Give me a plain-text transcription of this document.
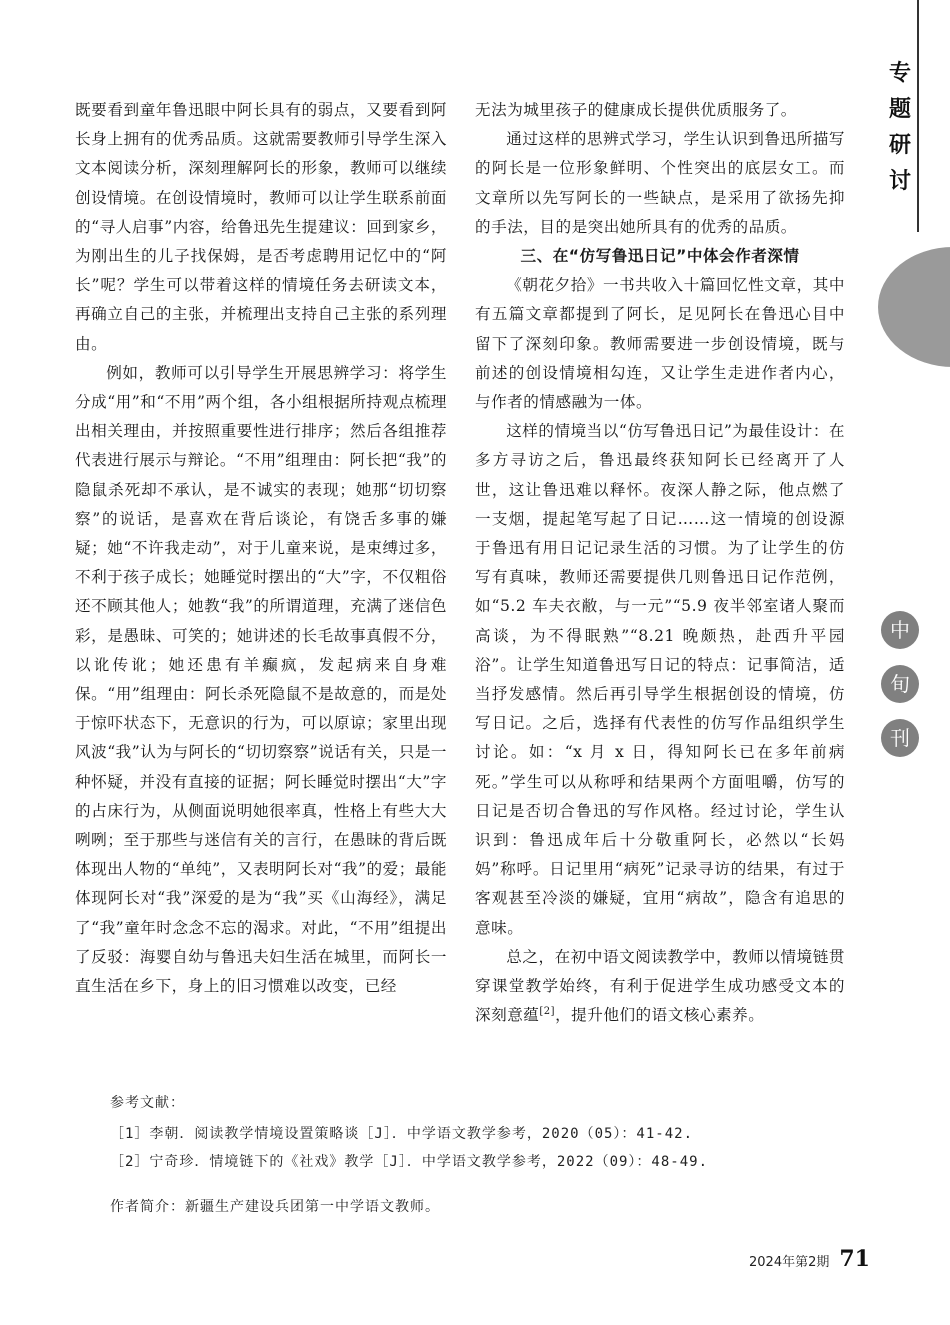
专
题
研
讨
中
旬
刊

既要看到童年鲁迅眼中阿长具有的弱点，又要看到阿长身上拥有的优秀品质。这就需要教师引导学生深入文本阅读分析，深刻理解阿长的形象，教师可以继续创设情境。在创设情境时，教师可以让学生联系前面的“寻人启事”内容，给鲁迅先生提建议：回到家乡，为刚出生的儿子找保姆，是否考虑聘用记忆中的“阿长”呢？学生可以带着这样的情境任务去研读文本，再确立自己的主张，并梳理出支持自己主张的系列理由。

例如，教师可以引导学生开展思辨学习：将学生分成“用”和“不用”两个组，各小组根据所持观点梳理出相关理由，并按照重要性进行排序；然后各组推荐代表进行展示与辩论。“不用”组理由：阿长把“我”的隐鼠杀死却不承认，是不诚实的表现；她那“切切察察”的说话，是喜欢在背后谈论，有饶舌多事的嫌疑；她“不许我走动”，对于儿童来说，是束缚过多，不利于孩子成长；她睡觉时摆出的“大”字，不仅粗俗还不顾其他人；她教“我”的所谓道理，充满了迷信色彩，是愚昧、可笑的；她讲述的长毛故事真假不分，以讹传讹；她还患有羊癫疯，发起病来自身难保。“用”组理由：阿长杀死隐鼠不是故意的，而是处于惊吓状态下，无意识的行为，可以原谅；家里出现风波“我”认为与阿长的“切切察察”说话有关，只是一种怀疑，并没有直接的证据；阿长睡觉时摆出“大”字的占床行为，从侧面说明她很率真，性格上有些大大咧咧；至于那些与迷信有关的言行，在愚昧的背后既体现出人物的“单纯”，又表明阿长对“我”的爱；最能体现阿长对“我”深爱的是为“我”买《山海经》，满足了“我”童年时念念不忘的渴求。对此，“不用”组提出了反驳：海婴自幼与鲁迅夫妇生活在城里，而阿长一直生活在乡下，身上的旧习惯难以改变，已经

无法为城里孩子的健康成长提供优质服务了。

通过这样的思辨式学习，学生认识到鲁迅所描写的阿长是一位形象鲜明、个性突出的底层女工。而文章所以先写阿长的一些缺点，是采用了欲扬先抑的手法，目的是突出她所具有的优秀的品质。

三、在“仿写鲁迅日记”中体会作者深情

《朝花夕拾》一书共收入十篇回忆性文章，其中有五篇文章都提到了阿长，足见阿长在鲁迅心目中留下了深刻印象。教师需要进一步创设情境，既与前述的创设情境相勾连，又让学生走进作者内心，与作者的情感融为一体。

这样的情境当以“仿写鲁迅日记”为最佳设计：在多方寻访之后，鲁迅最终获知阿长已经离开了人世，这让鲁迅难以释怀。夜深人静之际，他点燃了一支烟，提起笔写起了日记……这一情境的创设源于鲁迅有用日记记录生活的习惯。为了让学生的仿写有真味，教师还需要提供几则鲁迅日记作范例，如“5.2 车夫衣敝，与一元”“5.9 夜半邻室诸人聚而高谈，为不得眠熟”“8.21 晚颇热，赴西升平园浴”。让学生知道鲁迅写日记的特点：记事简洁，适当抒发感情。然后再引导学生根据创设的情境，仿写日记。之后，选择有代表性的仿写作品组织学生讨论。如：“x 月 x 日，得知阿长已在多年前病死。”学生可以从称呼和结果两个方面咀嚼，仿写的日记是否切合鲁迅的写作风格。经过讨论，学生认识到：鲁迅成年后十分敬重阿长，必然以“长妈妈”称呼。日记里用“病死”记录寻访的结果，有过于客观甚至冷淡的嫌疑，宜用“病故”，隐含有追思的意味。

总之，在初中语文阅读教学中，教师以情境链贯穿课堂教学始终，有利于促进学生成功感受文本的深刻意蕴[2]，提升他们的语文核心素养。

参考文献：
［1］李朝．阅读教学情境设置策略谈［J］．中学语文教学参考，2020（05）：41-42.
［2］宁奇珍．情境链下的《社戏》教学［J］．中学语文教学参考，2022（09）：48-49.
作者简介：新疆生产建设兵团第一中学语文教师。
2024年第2期 71
